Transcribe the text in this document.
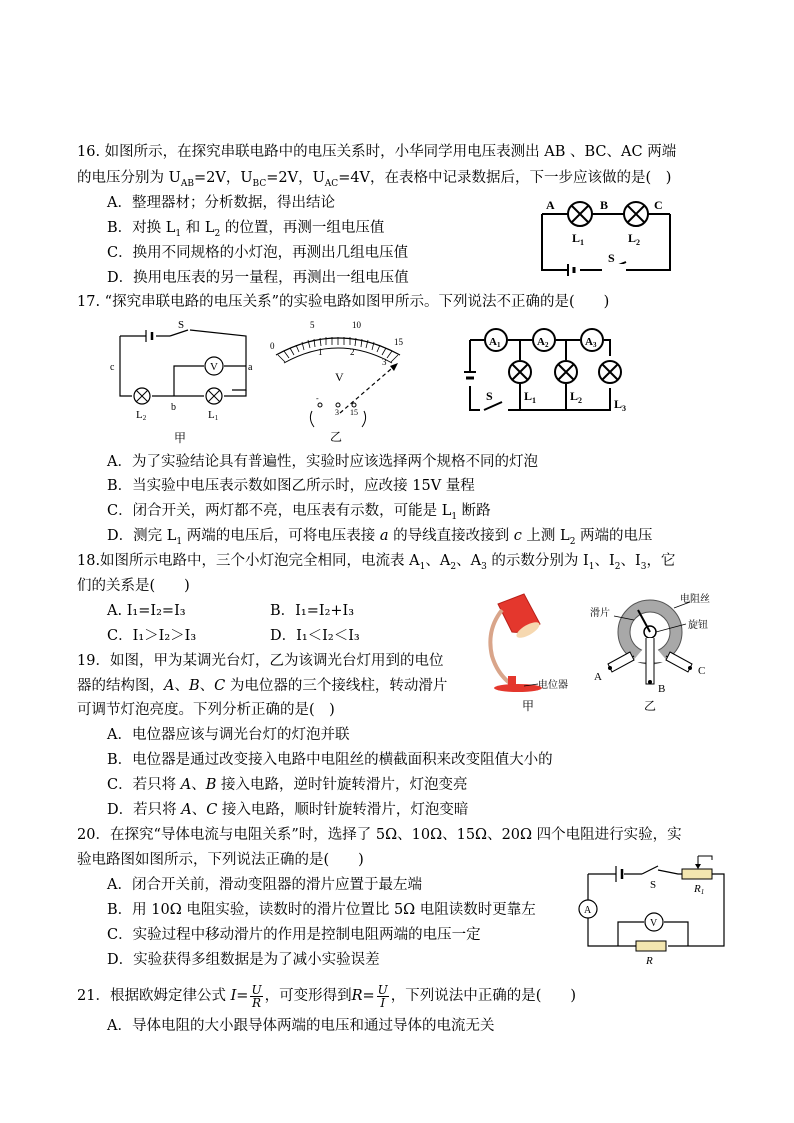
16. 如图所示，在探究串联电路中的电压关系时，小华同学用电压表测出 AB 、BC、AC 两端
的电压分别为 $U_{AB}=2V$，$U_{BC}=2V$，$U_{AC}=4V$，在表格中记录数据后，下一步应该做的是(　)
A．整理器材；分析数据，得出结论
B．对换 $L_1$ 和 $L_2$ 的位置，再测一组电压值
C．换用不同规格的小灯泡，再测出几组电压值
D．换用电压表的另一量程，再测出一组电压值
A	B	C
$L_1$	$L_2$
S
17. “探究串联电路的电压关系”的实验电路如图甲所示。下列说法不正确的是(　　)
V
S
c	a
b
L2	L1
甲
5	10
15
0
1	2
3
V
-
3 15
乙
A1	A2	A3
S	$L_1$	$L_2$	$L_3$
A．为了实验结论具有普遍性，实验时应该选择两个规格不同的灯泡
B．当实验中电压表示数如图乙所示时，应改接 15V 量程
C．闭合开关，两灯都不亮，电压表有示数，可能是 $L_1$ 断路
D．测完 $L_1$ 两端的电压后，可将电压表接 a 的导线直接改接到 c 上测 $L_2$ 两端的电压
18.如图所示电路中，三个小灯泡完全相同，电流表 $A_1$、$A_2$、$A_3$ 的示数分别为 $I_1$、$I_2$、$I_3$，它
们的关系是(　　)
A. I₁=I₂=I₃	B．I₁=I₂+I₃
C．I₁＞I₂＞I₃	D．I₁＜I₂＜I₃
电位器
甲
电阻丝
滑片
旋钮
A
B
C
乙
19．如图，甲为某调光台灯，乙为该调光台灯用到的电位
器的结构图，A、B、C 为电位器的三个接线柱，转动滑片
可调节灯泡亮度。下列分析正确的是(　)
A．电位器应该与调光台灯的灯泡并联
B．电位器是通过改变接入电路中电阻丝的横截面积来改变阻值大小的
C．若只将 A、B 接入电路，逆时针旋转滑片，灯泡变亮
D．若只将 A、C 接入电路，顺时针旋转滑片，灯泡变暗
20．在探究“导体电流与电阻关系”时，选择了 5Ω、10Ω、15Ω、20Ω 四个电阻进行实验，实
验电路图如图所示，下列说法正确的是(　　)
A．闭合开关前，滑动变阻器的滑片应置于最左端
B．用 10Ω 电阻实验，读数时的滑片位置比 5Ω 电阻读数时更靠左
C．实验过程中移动滑片的作用是控制电阻两端的电压一定
D．实验获得多组数据是为了减小实验误差
A
V
S	R1
R
21．根据欧姆定律公式 $I= \frac{U}{R}$ ，可变形得到$R= \frac{U}{I}$ ，下列说法中正确的是(　　)
A．导体电阻的大小跟导体两端的电压和通过导体的电流无关
